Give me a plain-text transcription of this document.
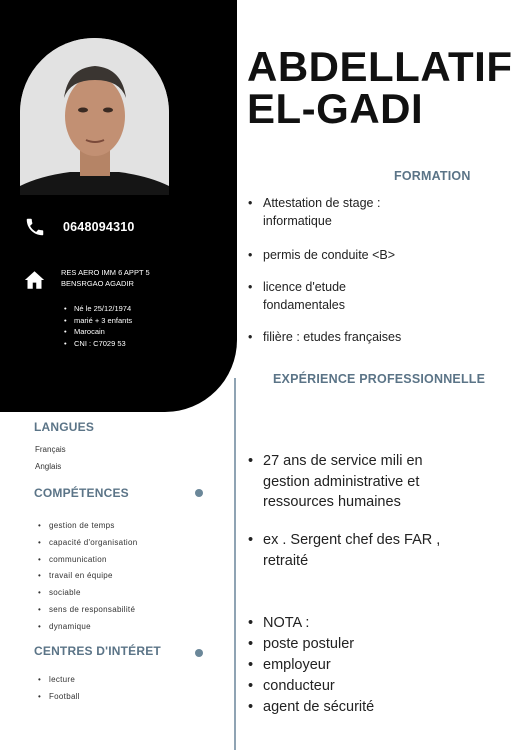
0648094310
RES AERO IMM 6 APPT 5
BENSRGAO AGADIR
• Né le 25/12/1974
• marié + 3 enfants
• Marocain
• CNI : C7029 53
LANGUES
Français
Anglais
COMPÉTENCES
• gestion de temps
• capacité d'organisation
• communication
• travail en équipe
• sociable
• sens de responsabilité
• dynamique
CENTRES D'INTÉRET
• lecture
• Football
ABDELLATIF
EL-GADI
FORMATION
• Attestation de stage :
informatique
• permis de conduite <B>
• licence d'etude
fondamentales
• filière : etudes françaises
EXPÉRIENCE PROFESSIONNELLE
• 27 ans de service mili en
gestion administrative et
ressources humaines
• ex . Sergent chef des FAR ,
retraité
• NOTA :
• poste postuler
• employeur
• conducteur
• agent de sécurité
